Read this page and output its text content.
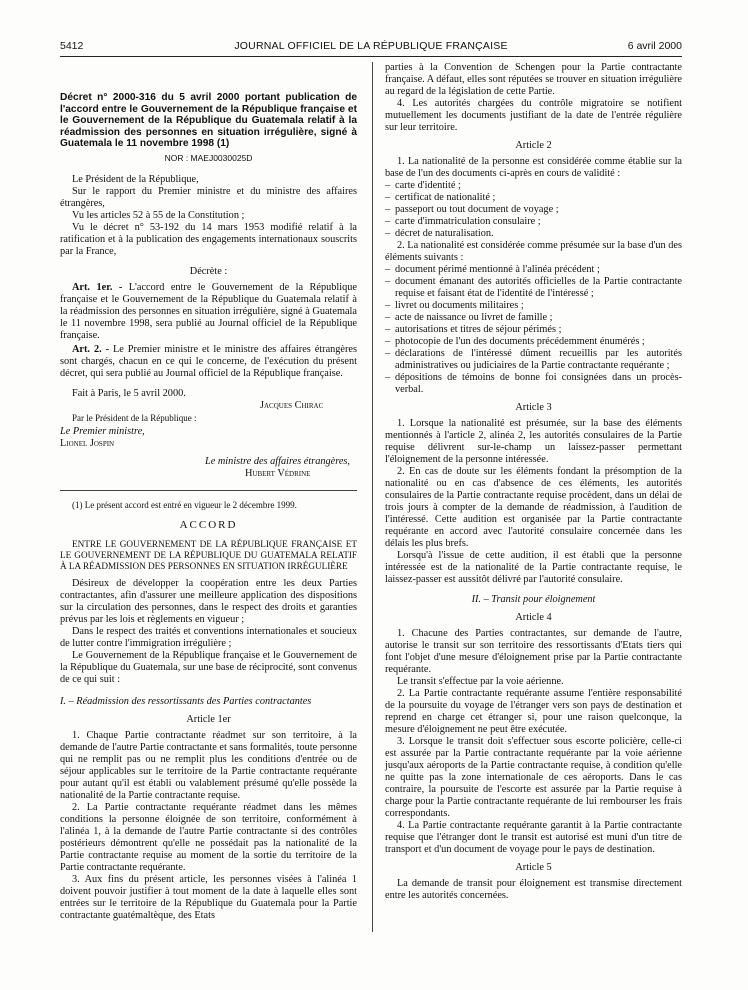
5412	JOURNAL OFFICIEL DE LA RÉPUBLIQUE FRANÇAISE	6 avril 2000

Décret n° 2000-316 du 5 avril 2000 portant publication de l'accord entre le Gouvernement de la République française et le Gouvernement de la République du Guatemala relatif à la réadmission des personnes en situation irrégulière, signé à Guatemala le 11 novembre 1998 (1)

NOR : MAEJ0030025D

Le Président de la République,

Sur le rapport du Premier ministre et du ministre des affaires étrangères,

Vu les articles 52 à 55 de la Constitution ;

Vu le décret n° 53-192 du 14 mars 1953 modifié relatif à la ratification et à la publication des engagements internationaux souscrits par la France,

Décrète :

Art. 1er. - L'accord entre le Gouvernement de la République française et le Gouvernement de la République du Guatemala relatif à la réadmission des personnes en situation irrégulière, signé à Guatemala le 11 novembre 1998, sera publié au Journal officiel de la République française.

Art. 2. - Le Premier ministre et le ministre des affaires étrangères sont chargés, chacun en ce qui le concerne, de l'exécution du présent décret, qui sera publié au Journal officiel de la République française.

Fait à Paris, le 5 avril 2000.

Jacques Chirac

Par le Président de la République :

Le Premier ministre,

Lionel Jospin

Le ministre des affaires étrangères,

Hubert Védrine

(1) Le présent accord est entré en vigueur le 2 décembre 1999.

ACCORD

ENTRE LE GOUVERNEMENT DE LA RÉPUBLIQUE FRANÇAISE ET LE GOUVERNEMENT DE LA RÉPUBLIQUE DU GUATEMALA RELATIF À LA RÉADMISSION DES PERSONNES EN SITUATION IRRÉGULIÈRE

Désireux de développer la coopération entre les deux Parties contractantes, afin d'assurer une meilleure application des dispositions sur la circulation des personnes, dans le respect des droits et garanties prévus par les lois et règlements en vigueur ;

Dans le respect des traités et conventions internationales et soucieux de lutter contre l'immigration irrégulière ;

Le Gouvernement de la République française et le Gouvernement de la République du Guatemala, sur une base de réciprocité, sont convenus de ce qui suit :

I. – Réadmission des ressortissants des Parties contractantes

Article 1er

1. Chaque Partie contractante réadmet sur son territoire, à la demande de l'autre Partie contractante et sans formalités, toute personne qui ne remplit pas ou ne remplit plus les conditions d'entrée ou de séjour applicables sur le territoire de la Partie contractante requérante pour autant qu'il est établi ou valablement présumé qu'elle possède la nationalité de la Partie contractante requise.

2. La Partie contractante requérante réadmet dans les mêmes conditions la personne éloignée de son territoire, conformément à l'alinéa 1, à la demande de l'autre Partie contractante si des contrôles postérieurs démontrent qu'elle ne possédait pas la nationalité de la Partie contractante requise au moment de la sortie du territoire de la Partie contractante requérante.

3. Aux fins du présent article, les personnes visées à l'alinéa 1 doivent pouvoir justifier à tout moment de la date à laquelle elles sont entrées sur le territoire de la République du Guatemala pour la Partie contractante guatémaltèque, des Etats

parties à la Convention de Schengen pour la Partie contractante française. A défaut, elles sont réputées se trouver en situation irrégulière au regard de la législation de cette Partie.

4. Les autorités chargées du contrôle migratoire se notifient mutuellement les documents justifiant de la date de l'entrée régulière sur leur territoire.

Article 2

1. La nationalité de la personne est considérée comme établie sur la base de l'un des documents ci-après en cours de validité :

– carte d'identité ;
– certificat de nationalité ;
– passeport ou tout document de voyage ;
– carte d'immatriculation consulaire ;
– décret de naturalisation.

2. La nationalité est considérée comme présumée sur la base d'un des éléments suivants :

– document périmé mentionné à l'alinéa précédent ;
– document émanant des autorités officielles de la Partie contractante requise et faisant état de l'identité de l'intéressé ;
– livret ou documents militaires ;
– acte de naissance ou livret de famille ;
– autorisations et titres de séjour périmés ;
– photocopie de l'un des documents précédemment énumérés ;
– déclarations de l'intéressé dûment recueillis par les autorités administratives ou judiciaires de la Partie contractante requérante ;
– dépositions de témoins de bonne foi consignées dans un procès-verbal.

Article 3

1. Lorsque la nationalité est présumée, sur la base des éléments mentionnés à l'article 2, alinéa 2, les autorités consulaires de la Partie requise délivrent sur-le-champ un laissez-passer permettant l'éloignement de la personne intéressée.

2. En cas de doute sur les éléments fondant la présomption de la nationalité ou en cas d'absence de ces éléments, les autorités consulaires de la Partie contractante requise procèdent, dans un délai de trois jours à compter de la demande de réadmission, à l'audition de l'intéressé. Cette audition est organisée par la Partie contractante requérante en accord avec l'autorité consulaire concernée dans les délais les plus brefs.

Lorsqu'à l'issue de cette audition, il est établi que la personne intéressée est de la nationalité de la Partie contractante requise, le laissez-passer est aussitôt délivré par l'autorité consulaire.

II. – Transit pour éloignement

Article 4

1. Chacune des Parties contractantes, sur demande de l'autre, autorise le transit sur son territoire des ressortissants d'Etats tiers qui font l'objet d'une mesure d'éloignement prise par la Partie contractante requérante.

Le transit s'effectue par la voie aérienne.

2. La Partie contractante requérante assume l'entière responsabilité de la poursuite du voyage de l'étranger vers son pays de destination et reprend en charge cet étranger si, pour une raison quelconque, la mesure d'éloignement ne peut être exécutée.

3. Lorsque le transit doit s'effectuer sous escorte policière, celle-ci est assurée par la Partie contractante requérante par la voie aérienne jusqu'aux aéroports de la Partie contractante requise, à condition qu'elle ne quitte pas la zone internationale de ces aéroports. Dans le cas contraire, la poursuite de l'escorte est assurée par la Partie requise à charge pour la Partie contractante requérante de lui rembourser les frais correspondants.

4. La Partie contractante requérante garantit à la Partie contractante requise que l'étranger dont le transit est autorisé est muni d'un titre de transport et d'un document de voyage pour le pays de destination.

Article 5

La demande de transit pour éloignement est transmise directement entre les autorités concernées.
